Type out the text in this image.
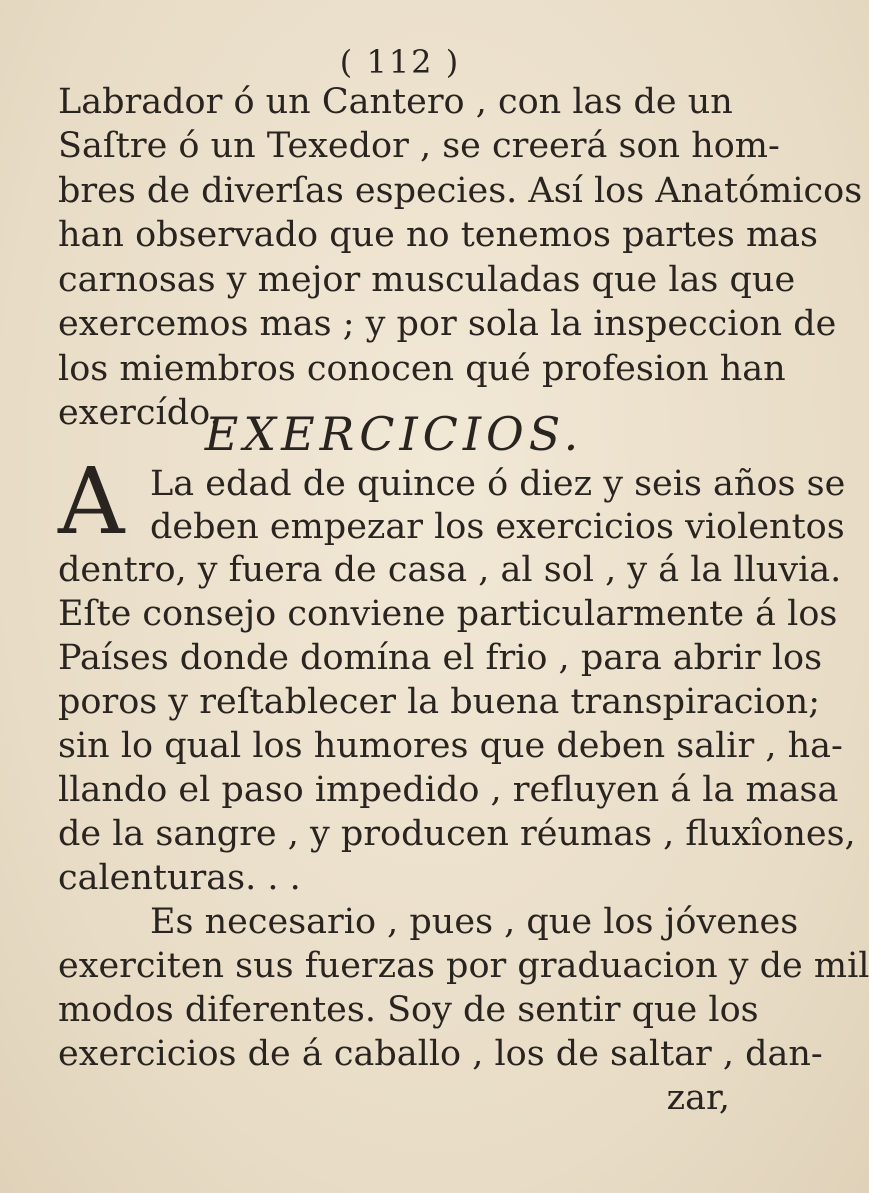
( 112 )
Labrador ó un Cantero , con las de un
Saſtre ó un Texedor , se creerá son hom-
bres de diverſas especies. Así los Anatómicos
han observado que no tenemos partes mas
carnosas y mejor musculadas que las que
exercemos mas ; y por sola la inspeccion de
los miembros conocen qué profesion han
exercído.
EXERCICIOS.
A La edad de quince ó diez y seis años se
deben empezar los exercicios violentos
dentro, y fuera de casa , al sol , y á la lluvia.
Eſte consejo conviene particularmente á los
Países donde domína el frio , para abrir los
poros y reſtablecer la buena transpiracion;
sin lo qual los humores que deben salir , ha-
llando el paso impedido , refluyen á la masa
de la sangre , y producen réumas , fluxîones,
calenturas. . .
Es necesario , pues , que los jóvenes
exerciten sus fuerzas por graduacion y de mil
modos diferentes. Soy de sentir que los
exercicios de á caballo , los de saltar , dan-
zar,
